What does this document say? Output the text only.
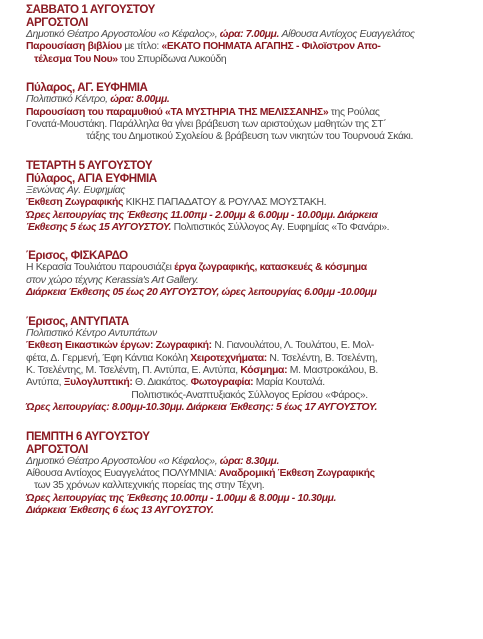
ΣΑΒΒΑΤΟ 1 ΑΥΓΟΥΣΤΟΥ
ΑΡΓΟΣΤΟΛΙ
Δημοτικό Θέατρο Αργοστολίου «ο Κέφαλος», ώρα: 7.00μμ. Αίθουσα Αντίοχος Ευαγγελάτος
Παρουσίαση βιβλίου με τίτλο: «ΕΚΑΤΟ ΠΟΗΜΑΤΑ ΑΓΑΠΗΣ - Φιλοϊστρον Απο-
τέλεσμα Του Νου» του Σπυρίδωνα Λυκούδη
Πύλαρος, ΑΓ. ΕΥΦΗΜΙΑ
Πολιτιστικό Κέντρο, ώρα: 8.00μμ.
Παρουσίαση του παραμυθιού «ΤΑ ΜΥΣΤΗΡΙΑ ΤΗΣ ΜΕΛΙΣΣΑΝΗΣ» της Ρούλας
Γονατά-Μουστάκη. Παράλληλα θα γίνει βράβευση των αριστούχων μαθητών της ΣΤ΄
τάξης του Δημοτικού Σχολείου & βράβευση των νικητών του Τουρνουά Σκάκι.
ΤΕΤΑΡΤΗ 5 ΑΥΓΟΥΣΤΟΥ
Πύλαρος, ΑΓΙΑ ΕΥΦΗΜΙΑ
Ξενώνας Αγ. Ευφημίας
Έκθεση Ζωγραφικής ΚΙΚΗΣ ΠΑΠΑΔΑΤΟΥ & ΡΟΥΛΑΣ ΜΟΥΣΤΑΚΗ.
Ώρες λειτουργίας της Έκθεσης 11.00πμ - 2.00μμ & 6.00μμ - 10.00μμ. Διάρκεια
Έκθεσης 5 έως 15 ΑΥΓΟΥΣΤΟΥ. Πολιτιστικός Σύλλογος Αγ. Ευφημίας «Το Φανάρι».
Έρισος, ΦΙΣΚΑΡΔΟ
Η Κερασία Τουλιάτου παρουσιάζει έργα ζωγραφικής, κατασκευές & κόσμημα
στον χώρο τέχνης Kerassia's Art Gallery.
Διάρκεια Έκθεσης 05 έως 20 ΑΥΓΟΥΣΤΟΥ, ώρες λειτουργίας 6.00μμ -10.00μμ
Έρισος, ΑΝΤΥΠΑΤΑ
Πολιτιστικό Κέντρο Αντυπάτων
Έκθεση Εικαστικών έργων: Ζωγραφική: Ν. Γιανουλάτου, Λ. Τουλάτου, Ε. Μολ-
φέτα, Δ. Γερμενή, Έφη Κάντια Κοκόλη Χειροτεχνήματα: Ν. Τσελέντη, Β. Τσελέντη,
Κ. Τσελέντης, Μ. Τσελέντη, Π. Αντύπα, Ε. Αντύπα, Κόσμημα: Μ. Μαστροκάλου, Β.
Αντύπα, Ξυλογλυπτική: Θ. Διακάτος. Φωτογραφία: Μαρία Κουταλά.
Πολιτιστικός-Αναπτυξιακός Σύλλογος Ερίσου «Φάρος».
Ώρες λειτουργίας: 8.00μμ-10.30μμ. Διάρκεια Έκθεσης: 5 έως 17 ΑΥΓΟΥΣΤΟΥ.
ΠΕΜΠΤΗ 6 ΑΥΓΟΥΣΤΟΥ
ΑΡΓΟΣΤΟΛΙ
Δημοτικό Θέατρο Αργοστολίου «ο Κέφαλος», ώρα: 8.30μμ.
Αίθουσα Αντίοχος Ευαγγελάτος ΠΟΛΥΜΝΙΑ: Αναδρομική Έκθεση Ζωγραφικής
των 35 χρόνων καλλιτεχνικής πορείας της στην Τέχνη.
Ώρες λειτουργίας της Έκθεσης 10.00πμ - 1.00μμ & 8.00μμ - 10.30μμ.
Διάρκεια Έκθεσης 6 έως 13 ΑΥΓΟΥΣΤΟΥ.
